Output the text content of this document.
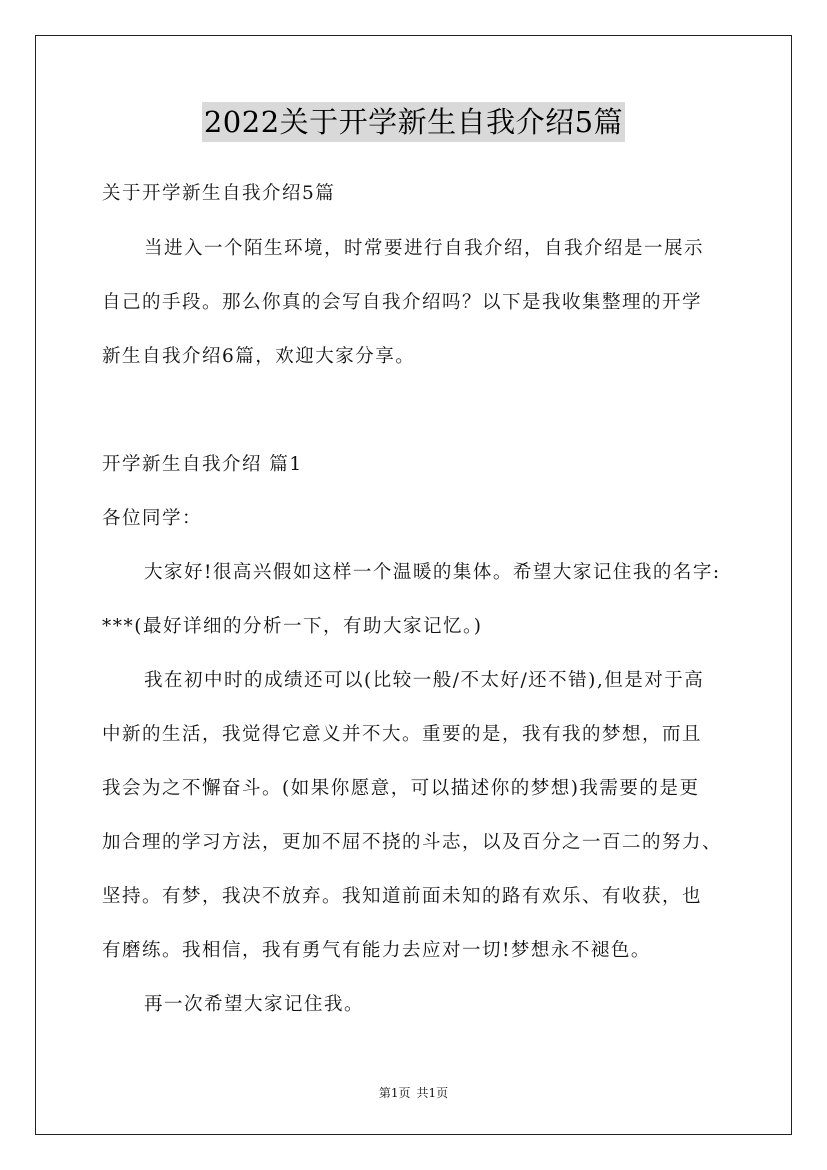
2022关于开学新生自我介绍5篇
关于开学新生自我介绍5篇
当进入一个陌生环境，时常要进行自我介绍，自我介绍是一展示
自己的手段。那么你真的会写自我介绍吗？以下是我收集整理的开学
新生自我介绍6篇，欢迎大家分享。
开学新生自我介绍 篇1
各位同学：
大家好!很高兴假如这样一个温暖的集体。希望大家记住我的名字:
***(最好详细的分析一下，有助大家记忆。)
我在初中时的成绩还可以(比较一般/不太好/还不错),但是对于高
中新的生活，我觉得它意义并不大。重要的是，我有我的梦想，而且
我会为之不懈奋斗。(如果你愿意，可以描述你的梦想)我需要的是更
加合理的学习方法，更加不屈不挠的斗志，以及百分之一百二的努力、
坚持。有梦，我决不放弃。我知道前面未知的路有欢乐、有收获，也
有磨练。我相信，我有勇气有能力去应对一切!梦想永不褪色。
再一次希望大家记住我。
第1页 共1页
